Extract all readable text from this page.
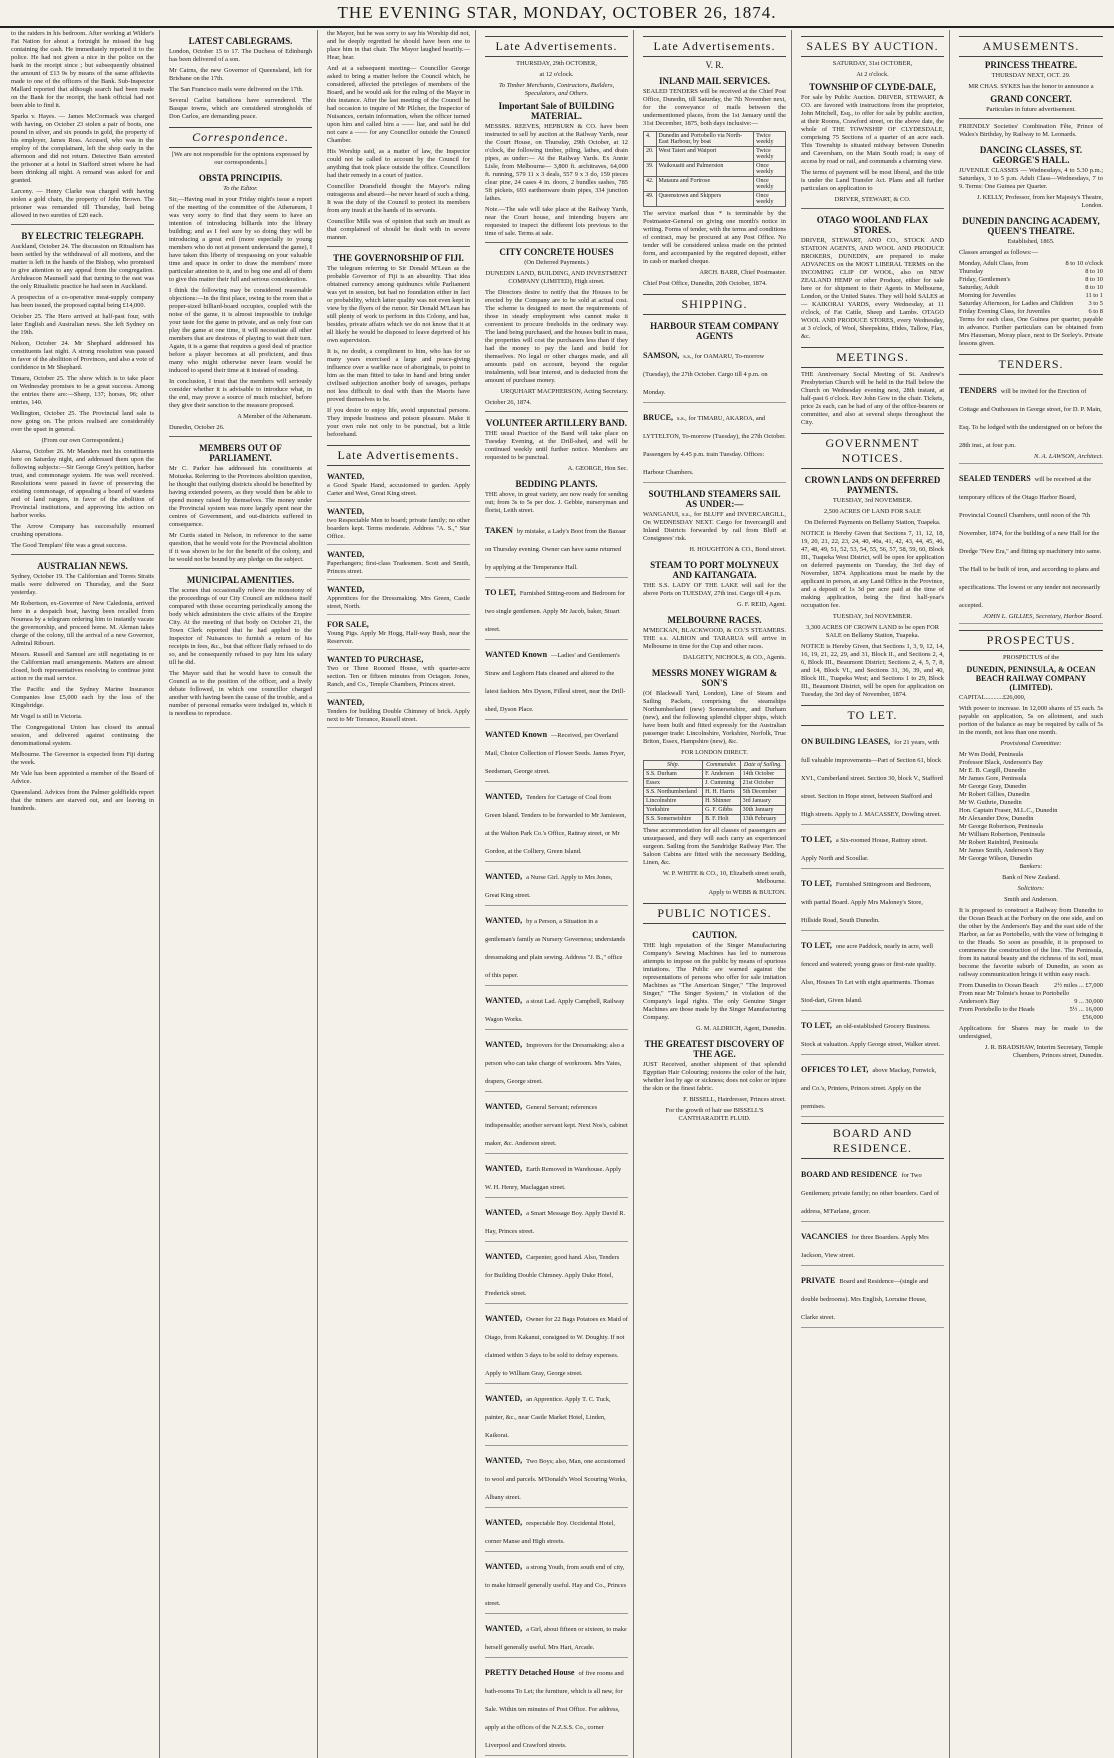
THE EVENING STAR, MONDAY, OCTOBER 26, 1874.

to the raiders in his bedroom. After working at Wilder's Fat Nation for about a fortnight he missed the bag containing the cash. He immediately reported it to the police. He had not given a nice in the police on the bank in the receipt since ; but subsequently obtained the amount of £13 9s by means of the same affidavits made to one of the officers of the Bank. Sub-Inspector Mallard reported that although search had been made on the Bank for the receipt, the bank official had not been able to find it.

Sparks v. Hayes. — James McCormack was charged with having, on October 23 stolen a pair of boots, one pound in silver, and six pounds in gold, the property of his employer, James Ross. Accused, who was in the employ of the complainant, left the shop early in the afternoon and did not return. Detective Bain arrested the prisoner at a hotel in Stafford street where he had been drinking all night. A remand was asked for and granted.

Larceny. — Henry Clarke was charged with having stolen a gold chain, the property of John Brown. The prisoner was remanded till Thursday, bail being allowed in two sureties of £20 each.

BY ELECTRIC TELEGRAPH.

Auckland, October 24. The discussion on Ritualism has been settled by the withdrawal of all motions, and the matter is left in the hands of the Bishop, who promised to give attention to any appeal from the congregation. Archdeacon Maunsell said that turning to the east was the only Ritualistic practice he had seen in Auckland.

A prospectus of a co-operative meat-supply company has been issued, the proposed capital being £14,000.

October 25. The Hero arrived at half-past four, with later English and Australian news. She left Sydney on the 19th.

Nelson, October 24. Mr Shephard addressed his constituents last night. A strong resolution was passed in favor of the abolition of Provinces, and also a vote of confidence in Mr Shephard.

Timaru, October 25. The show which is to take place on Wednesday promises to be a great success. Among the entries there are:—Sheep, 137; horses, 96; other entries, 140.

Wellington, October 25. The Provincial land sale is now going on. The prices realised are considerably over the upset in general.

(From our own Correspondent.)

Akaroa, October 26. Mr Manders met his constituents here on Saturday night, and addressed them upon the following subjects:—Sir George Grey's petition, harbor trust, and commonage system. He was well received. Resolutions were passed in favor of preserving the existing commonage, of appealing a board of wardens and of land rangers, in favor of the abolition of Provincial institutions, and approving his action on harbor works.

The Arrow Company has successfully resumed crushing operations.

The Good Templars' fête was a great success.

AUSTRALIAN NEWS.

Sydney, October 19. The Californian and Torres Straits mails were delivered on Thursday, and the Suez yesterday.

Mr Robertson, ex-Governor of New Caledonia, arrived here in a despatch boat, having been recalled from Noumea by a telegram ordering him to instantly vacate the governorship, and proceed home. M. Aleman takes charge of the colony, till the arrival of a new Governor, Admiral Ribourt.

Messrs. Russell and Samuel are still negotiating in re the Californian mail arrangements. Matters are almost closed, both representatives resolving to continue joint action re the mail service.

The Pacific and the Sydney Marine Insurance Companies lose £5,000 each by the loss of the Kingsbridge.

Mr Vogel is still in Victoria.

The Congregational Union has closed its annual session, and delivered against continuing the denominational system.

Melbourne. The Governor is expected from Fiji during the week.

Mr Vale has been appointed a member of the Board of Advice.

Queensland. Advices from the Palmer goldfields report that the miners are starved out, and are leaving in hundreds.

LATEST CABLEGRAMS.

London, October 15 to 17. The Duchess of Edinburgh has been delivered of a son.

Mr Cairns, the new Governor of Queensland, left for Brisbane on the 17th.

The San Francisco mails were delivered on the 17th.

Several Carlist battalions have surrendered. The Basque towns, which are considered strongholds of Don Carlos, are demanding peace.

Correspondence.

[We are not responsible for the opinions expressed by our correspondents.]

OBSTA PRINCIPIIS.
To the Editor.

Sir,—Having read in your Friday night's issue a report of the meeting of the committee of the Athenæum, I was very sorry to find that they seem to have an intention of introducing billiards into the library building; and as I feel sure by so doing they will be introducing a great evil (more especially to young members who do not at present understand the game), I have taken this liberty of trespassing on your valuable time and space in order to draw the members' more particular attention to it, and to beg one and all of them to give this matter their full and serious consideration.

I think the following may be considered reasonable objections:—In the first place, owing to the room that a proper-sized billiard-board occupies, coupled with the noise of the game, it is almost impossible to indulge your taste for the game in private, and as only four can play the game at one time, it will necessitate all other members that are desirous of playing to wait their turn. Again, it is a game that requires a good deal of practice before a player becomes at all proficient, and thus many who might otherwise never learn would be induced to spend their time at it instead of reading.

In conclusion, I trust that the members will seriously consider whether it is advisable to introduce what, in the end, may prove a source of much mischief, before they give their sanction to the measure proposed.

A Member of the Athenæum.
Dunedin, October 26.
MEMBERS OUT OF PARLIAMENT.

Mr C. Parker has addressed his constituents at Motueka. Referring to the Provinces abolition question, he thought that outlying districts should be benefited by having extended powers, as they would then be able to spend money raised by themselves. The money under the Provincial system was more largely spent near the centres of Government, and out-districts suffered in consequence.

Mr Curtis stated in Nelson, in reference to the same question, that he would vote for the Provincial abolition if it was shown to be for the benefit of the colony, and he would not be bound by any pledge on the subject.

MUNICIPAL AMENITIES.

The scenes that occasionally relieve the monotony of the proceedings of our City Council are mildness itself compared with those occurring periodically among the body which administers the civic affairs of the Empire City. At the meeting of that body on October 21, the Town Clerk reported that he had applied to the Inspector of Nuisances to furnish a return of his receipts in fees, &c., but that officer flatly refused to do so, and he consequently refused to pay him his salary till he did.

The Mayor said that he would have to consult the Council as to the position of the officer, and a lively debate followed, in which one councillor charged another with having been the cause of the trouble, and a number of personal remarks were indulged in, which it is needless to reproduce.

the Mayor, but he was sorry to say his Worship did not, and he deeply regretted he should have been one to place him in that chair. The Mayor laughed heartily.—Hear, hear.

And at a subsequent meeting— Councillor George asked to bring a matter before the Council which, he considered, affected the privileges of members of the Board, and he would ask for the ruling of the Mayor in this instance. After the last meeting of the Council he had occasion to inquire of Mr Pilcher, the Inspector of Nuisances, certain information, when the officer turned upon him and called him a —— liar, and said he did not care a —— for any Councillor outside the Council Chamber.

His Worship said, as a matter of law, the Inspector could not be called to account by the Council for anything that took place outside the office. Councillors had their remedy in a court of justice.

Councillor Dransfield thought the Mayor's ruling outrageous and absurd—he never heard of such a thing. It was the duty of the Council to protect its members from any insult at the hands of its servants.

Councillor Mills was of opinion that such an insult as that complained of should be dealt with in severe manner.

THE GOVERNORSHIP OF FIJI.

The telegram referring to Sir Donald M'Lean as the probable Governor of Fiji is an absurdity. That idea obtained currency among quidnuncs while Parliament was yet in session, but had no foundation either in fact or probability, which latter quality was not even kept in view by the flyers of the rumor. Sir Donald M'Lean has still plenty of work to perform in this Colony, and has, besides, private affairs which we do not know that it at all likely he would be disposed to leave deprived of his own supervision.

It is, no doubt, a compliment to him, who has for so many years exercised a large and peace-giving influence over a warlike race of aboriginals, to point to him as the man fitted to take in hand and bring under civilised subjection another body of savages, perhaps not less difficult to deal with than the Maoris have proved themselves to be.

If you desire to enjoy life, avoid unpunctual persons. They impede business and poison pleasure. Make it your own rule not only to be punctual, but a little beforehand.

Late Advertisements.
WANTED,
a Good Spade Hand, accustomed to garden. Apply Carter and West, Great King street.
WANTED,
two Respectable Men to board; private family; no other boarders kept. Terms moderate. Address "A. S.," Star Office.
WANTED,
Paperhangers; first-class Tradesmen. Scott and Smith, Princes street.
WANTED,
Apprentices for the Dressmaking. Mrs Green, Castle street, North.
FOR SALE,
Young Pigs. Apply Mr Hogg, Half-way Bush, near the Reservoir.
WANTED TO PURCHASE,
Two or Three Roomed House, with quarter-acre section. Ten or fifteen minutes from Octagon. Jones, Ranch, and Co., Temple Chambers, Princes street.
WANTED,
Tenders for building Double Chimney of brick. Apply next to Mr Torrance, Russell street.
Late Advertisements.
THURSDAY, 29th OCTOBER,
at 12 o'clock.
To Timber Merchants, Contractors, Builders, Speculators, and Others.
Important Sale of BUILDING MATERIAL.

MESSRS. REEVES, HEPBURN & CO. have been instructed to sell by auction at the Railway Yards, near the Court House, on Thursday, 29th October, at 12 o'clock, the following timber, piling, lathes, and drain pipes, as under:— At the Railway Yards. Ex Annie Lisle, from Melbourne— 3,800 ft. architraves, 64,000 ft. running, 579 11 x 3 deals, 557 9 x 3 do, 159 pieces clear pine, 24 cases 4 in. doors, 2 bundles sashes, 785 5ft pickets, 693 earthenware drain pipes, 334 junction lathes.

Note.—The sale will take place at the Railway Yards, near the Court house, and intending buyers are requested to inspect the different lots previous to the time of sale. Terms at sale.

CITY CONCRETE HOUSES
(On Deferred Payments.)
DUNEDIN LAND, BUILDING, AND INVESTMENT COMPANY (LIMITED), High street.

The Directors desire to notify that the Houses to be erected by the Company are to be sold at actual cost. The scheme is designed to meet the requirements of those in steady employment who cannot make it convenient to procure freeholds in the ordinary way. The land being purchased, and the houses built in mass, the properties will cost the purchasers less than if they had the money to pay the land and build for themselves. No legal or other charges made, and all amounts paid on account, beyond the regular instalments, will bear interest, and is deducted from the amount of purchase money.

URQUHART MACPHERSON, Acting Secretary.
October 26, 1874.
VOLUNTEER ARTILLERY BAND.

THE usual Practice of the Band will take place on Tuesday Evening, at the Drill-shed, and will be continued weekly until further notice. Members are requested to be punctual.

A. GEORGE, Hon Sec.
BEDDING PLANTS.

THE above, in great variety, are now ready for sending out; from 3s to 5s per doz. J. Gebbie, nurseryman and florist, Leith street.

TAKEN by mistake, a Lady's Boot from the Bazaar on Thursday evening. Owner can have same returned by applying at the Temperance Hall.
TO LET, Furnished Sitting-room and Bedroom for two single gentlemen. Apply Mr Jacob, baker, Stuart street.
WANTED Known —Ladies' and Gentlemen's Straw and Leghorn Hats cleaned and altered to the latest fashion. Mrs Dyson, Filleul street, near the Drill-shed, Dyson Place.
WANTED Known —Received, per Overland Mail, Choice Collection of Flower Seeds. James Fryer, Seedsman, George street.
WANTED, Tenders for Cartage of Coal from Green Island. Tenders to be forwarded to Mr Jamieson, at the Walton Park Co.'s Office, Rattray street, or Mr Gordon, at the Colliery, Green Island.
WANTED, a Nurse Girl. Apply to Mrs Jones, Great King street.
WANTED, by a Person, a Situation in a gentleman's family as Nursery Governess; understands dressmaking and plain sewing. Address "J. B.," office of this paper.
WANTED, a stout Lad. Apply Campbell, Railway Wagon Works.
WANTED, Improvers for the Dressmaking; also a person who can take charge of workroom. Mrs Yates, drapers, George street.
WANTED, General Servant; references indispensable; another servant kept. Next Nos's, cabinet maker, &c. Anderson street.
WANTED, Earth Removed in Warehouse. Apply W. H. Henry, Maclaggan street.
WANTED, a Smart Message Boy. Apply David R. Hay, Princes street.
WANTED, Carpenter, good hand. Also, Tenders for Building Double Chimney. Apply Duke Hotel, Frederick street.
WANTED, Owner for 22 Bags Potatoes ex Maid of Otago, from Kakanui, consigned to W. Doughty. If not claimed within 3 days to be sold to defray expenses. Apply to William Gray, George street.
WANTED, an Apprentice. Apply T. C. Tuck, painter, &c., near Castle Market Hotel, Linden, Kaikorai.
WANTED, Two Boys; also, Man, one accustomed to wool and parcels. M'Donald's Wool Scouring Works, Albany street.
WANTED, respectable Boy. Occidental Hotel, corner Manse and High streets.
WANTED, a strong Youth, from south end of city, to make himself generally useful. Hay and Co., Princes street.
WANTED, a Girl, about fifteen or sixteen, to make herself generally useful. Mrs Hart, Arcade.
PRETTY Detached House of five rooms and bath-rooms To Let; the furniture, which is all new, for Sale. Within ten minutes of Post Office. For address, apply at the offices of the N.Z.S.S. Co., corner Liverpool and Crawford streets.
Late Advertisements.
V. R.
INLAND MAIL SERVICES.

SEALED TENDERS will be received at the Chief Post Office, Dunedin, till Saturday, the 7th November next, for the conveyance of mails between the undermentioned places, from the 1st January until the 31st December, 1875, both days inclusive:—

4.	Dunedin and Portobello via North-East Harbour, by boat	Twice weekly
20.	West Taieri and Waipori	Twice weekly
39.	Waikouaiti and Palmerston	Once weekly
42.	Mataura and Fortrose	Once weekly
49.	Queenstown and Skippers	Once weekly

The service marked thus * is terminable by the Postmaster-General on giving one month's notice in writing. Forms of tender, with the terms and conditions of contract, may be procured at any Post Office. No tender will be considered unless made on the printed form, and accompanied by the required deposit, either in cash or marked cheque.

ARCH. BARR, Chief Postmaster.
Chief Post Office, Dunedin, 20th October, 1874.
SHIPPING.
HARBOUR STEAM COMPANY AGENTS
SAMSON, s.s., for OAMARU, To-morrow (Tuesday), the 27th October. Cargo till 4 p.m. on Monday.
BRUCE, s.s., for TIMARU, AKAROA, and LYTTELTON, To-morrow (Tuesday), the 27th October. Passengers by 4.45 p.m. train Tuesday. Offices: Harbour Chambers.
SOUTHLAND STEAMERS SAIL AS UNDER:—

WANGANUI, s.s., for BLUFF and INVERCARGILL, On WEDNESDAY NEXT. Cargo for Invercargill and Inland Districts forwarded by rail from Bluff at Consignees' risk.

H. HOUGHTON & CO., Bond street.
STEAM TO PORT MOLYNEUX AND KAITANGATA.

THE S.S. LADY OF THE LAKE will sail for the above Ports on TUESDAY, 27th inst. Cargo till 4 p.m.

G. F. REID, Agent.
MELBOURNE RACES.

M'MECKAN, BLACKWOOD, & CO.'S STEAMERS. THE s.s. ALBION and TARARUA will arrive in Melbourne in time for the Cup and other races.

DALGETY, NICHOLS, & CO., Agents.
MESSRS MONEY WIGRAM & SON'S

(Of Blackwall Yard, London), Line of Steam and Sailing Packets, comprising the steamships Northumberland (new) Somersetshire, and Durham (new), and the following splendid clipper ships, which have been built and fitted expressly for the Australian passenger trade: Lincolnshire, Yorkshire, Norfolk, True Briton, Essex, Hampshire (new), &c.

FOR LONDON DIRECT.
Ship.	Commander.	Date of Sailing.
S.S. Durham	F. Anderson	14th October
Essex	J. Cumming	21st October
S.S. Northumberland	H. H. Harris	5th December
Lincolnshire	H. Shinner	3rd January
Yorkshire	G. F. Gibbs	30th January
S.S. Somersetshire	B. F. Holt	13th February

These accommodation for all classes of passengers are unsurpassed, and they will each carry an experienced surgeon. Sailing from the Sandridge Railway Pier. The Saloon Cabins are fitted with the necessary Bedding, Linen, &c.

W. P. WHITE & CO., 10, Elizabeth street south, Melbourne.
Apply to WEBB & BULTON.
PUBLIC NOTICES.
CAUTION.

THE high reputation of the Singer Manufacturing Company's Sewing Machines has led to numerous attempts to impose on the public by means of spurious imitations. The Public are warned against the representations of persons who offer for sale imitation Machines as "The American Singer," "The Improved Singer," "The Singer System," in violation of the Company's legal rights. The only Genuine Singer Machines are those made by the Singer Manufacturing Company.

G. M. ALDRICH, Agent, Dunedin.
THE GREATEST DISCOVERY OF THE AGE.

JUST Received, another shipment of that splendid Egyptian Hair Colouring; restores the color of the hair, whether lost by age or sickness; does not color or injure the skin or the finest fabric.

F. BISSELL, Hairdresser, Princes street.
For the growth of hair use BISSELL'S CANTHARADITE FLUID.
SALES BY AUCTION.
SATURDAY, 31st OCTOBER,
At 2 o'clock.
TOWNSHIP OF CLYDE-DALE,

For sale by Public Auction. DRIVER, STEWART, & CO. are favored with instructions from the proprietor, John Mitchell, Esq., to offer for sale by public auction, at their Rooms, Crawford street, on the above date, the whole of THE TOWNSHIP OF CLYDESDALE, comprising 75 Sections of a quarter of an acre each. This Township is situated midway between Dunedin and Caversham, on the Main South road; is easy of access by road or rail, and commands a charming view.

The terms of payment will be most liberal, and the title is under the Land Transfer Act. Plans and all further particulars on application to

DRIVER, STEWART, & CO.
OTAGO WOOL AND FLAX STORES.

DRIVER, STEWART, AND CO., STOCK AND STATION AGENTS, AND WOOL AND PRODUCE BROKERS, DUNEDIN, are prepared to make ADVANCES on the MOST LIBERAL TERMS on the INCOMING CLIP OF WOOL, also on NEW ZEALAND HEMP or other Produce, either for sale here or for shipment to their Agents in Melbourne, London, or the United States. They will hold SALES at— KAIKORAI YARDS, every Wednesday, at 11 o'clock, of Fat Cattle, Sheep and Lambs. OTAGO WOOL AND PRODUCE STORES, every Wednesday, at 3 o'clock, of Wool, Sheepskins, Hides, Tallow, Flax, &c.

MEETINGS.

THE Anniversary Social Meeting of St. Andrew's Presbyterian Church will be held in the Hall below the Church on Wednesday evening next, 28th instant, at half-past 6 o'clock. Rev John Gow in the chair. Tickets, price 2s each, can be had of any of the office-bearers or committee, and also at several shops throughout the City.

GOVERNMENT NOTICES.
CROWN LANDS ON DEFERRED PAYMENTS.
TUESDAY, 3rd NOVEMBER.
2,500 ACRES OF LAND FOR SALE
On Deferred Payments on Bellamy Station, Tuapeka.

NOTICE is Hereby Given that Sections 7, 11, 12, 18, 19, 20, 21, 22, 23, 24, 40, 40a, 41, 42, 43, 44, 45, 46, 47, 48, 49, 51, 52, 53, 54, 55, 56, 57, 58, 59, 60, Block III., Tuapeka West District, will be open for application on deferred payments on Tuesday, the 3rd day of November, 1874. Applications must be made by the applicant in person, at any Land Office in the Province, and a deposit of 1s 3d per acre paid at the time of making application, being the first half-year's occupation fee.

TUESDAY, 3rd NOVEMBER.
3,300 ACRES OF CROWN LAND to be open FOR SALE on Bellamy Station, Tuapeka.

NOTICE is Hereby Given, that Sections 1, 3, 9, 12, 14, 16, 19, 21, 22, 29, and 31, Block II., and Sections 2, 4, 6, Block III., Beaumont District; Sections 2, 4, 5, 7, 8, and 14, Block VI., and Sections 31, 36, 39, and 40, Block III., Tuapeka West; and Sections 1 to 29, Block III., Beaumont District, will be open for application on Tuesday, the 3rd day of November, 1874.

TO LET.
ON BUILDING LEASES, for 21 years, with full valuable improvements—Part of Section 61, block XVI., Cumberland street. Section 30, block V., Stafford street. Section in Hope street, between Stafford and High streets. Apply to J. MACASSEY, Dowling street.
TO LET, a Six-roomed House, Rattray street. Apply North and Scoullar.
TO LET, Furnished Sittingroom and Bedroom, with partial Board. Apply Mrs Maloney's Store, Hillside Road, South Dunedin.
TO LET, one acre Paddock, nearly in acre, well fenced and watered; young grass or first-rate quality. Also, Houses To Let with eight apartments. Thomas Stod-dart, Given Island.
TO LET, an old-established Grocery Business. Stock at valuation. Apply George street, Walker street.
OFFICES TO LET, above Mackay, Fenwick, and Co.'s, Printers, Princes street. Apply on the premises.
BOARD AND RESIDENCE.
BOARD AND RESIDENCE for Two Gentlemen; private family; no other boarders. Card of address, M'Farlane, grocer.
VACANCIES for three Boarders. Apply Mrs Jackson, View street.
PRIVATE Board and Residence—(single and double bedrooms). Mrs English, Lorraine House, Clarke street.
AMUSEMENTS.
PRINCESS THEATRE.
THURSDAY NEXT, OCT. 29.

MR CHAS. SYKES has the honor to announce a

GRAND CONCERT.
Particulars in future advertisement.

FRIENDLY Societies' Combination Fête, Prince of Wales's Birthday, by Railway to M. Leonards.

DANCING CLASSES, ST. GEORGE'S HALL.

JUVENILE CLASSES — Wednesdays, 4 to 5.30 p.m.; Saturdays, 3 to 5 p.m. Adult Class—Wednesdays, 7 to 9. Terms: One Guinea per Quarter.

J. KELLY, Professor, from her Majesty's Theatre, London.
DUNEDIN DANCING ACADEMY, QUEEN'S THEATRE.
Established, 1865.
Classes arranged as follows:—
Monday, Adult Class, from	8 to 10 o'clock
Thursday	8 to 10
Friday, Gentlemen's	8 to 10
Saturday, Adult	8 to 10
Morning for Juveniles	11 to 1
Saturday Afternoon, for Ladies and Children 3 to 5
Friday Evening Class, for Juveniles	6 to 8

Terms for each class, One Guinea per quarter, payable in advance. Further particulars can be obtained from Mrs Hausman, Moray place, next to Dr Sorley's. Private lessons given.

TENDERS.
TENDERS will be invited for the Erection of Cottage and Outhouses in George street, for D. P. Main, Esq. To be lodged with the undersigned on or before the 28th inst., at four p.m.
N. A. LAWSON, Architect.
SEALED TENDERS will be received at the temporary offices of the Otago Harbor Board, Provincial Council Chambers, until noon of the 7th November, 1874, for the building of a new Hall for the Dredge "New Era," and fitting up machinery into same. The Hall to be built of iron, and according to plans and specifications. The lowest or any tender not necessarily accepted.
JOHN L. GILLIES, Secretary, Harbor Board.
PROSPECTUS.
PROSPECTUS of the
DUNEDIN, PENINSULA, & OCEAN BEACH RAILWAY COMPANY (LIMITED).
CAPITAL...........£26,000,

With power to increase. In 12,000 shares of £5 each. 5s payable on application, 5s on allotment, and such portion of the balance as may be required by calls of 5s in the month, not less than one month.

Provisional Committee:
Mr Wm Dodd, Peninsula
Professor Black, Anderson's Bay
Mr E. B. Cargill, Dunedin
Mr James Gore, Peninsula
Mr George Gray, Dunedin
Mr Robert Gillies, Dunedin
Mr W. Guthrie, Dunedin
Hon. Captain Fraser, M.L.C., Dunedin
Mr Alexander Dow, Dunedin
Mr George Robertson, Peninsula
Mr William Robertson, Peninsula
Mr Robert Rainbird, Peninsula
Mr James Smith, Anderson's Bay
Mr George Wilson, Dunedin
Bankers:
Bank of New Zealand.
Solicitors:
Smith and Anderson.

It is proposed to construct a Railway from Dunedin to the Ocean Beach at the Forbury on the one side, and on the other by the Anderson's Bay and the east side of the Harbor, as far as Portobello, with the view of bringing it to the Heads. So soon as possible, it is proposed to commence the construction of the line. The Peninsula, from its natural beauty and the richness of its soil, must become the favorite suburb of Dunedin, as soon as railway communication brings it within easy reach.

From Dunedin to Ocean Beach 2½ miles ... £7,000
From near Mr Tolmie's house to Portobello
Anderson's Bay	9 ... 30,000
From Portobello to the Heads	5½ ... 16,000
£56,000

Applications for Shares may be made to the undersigned,

J. R. BRADSHAW, Interim Secretary, Temple Chambers, Princes street, Dunedin.
